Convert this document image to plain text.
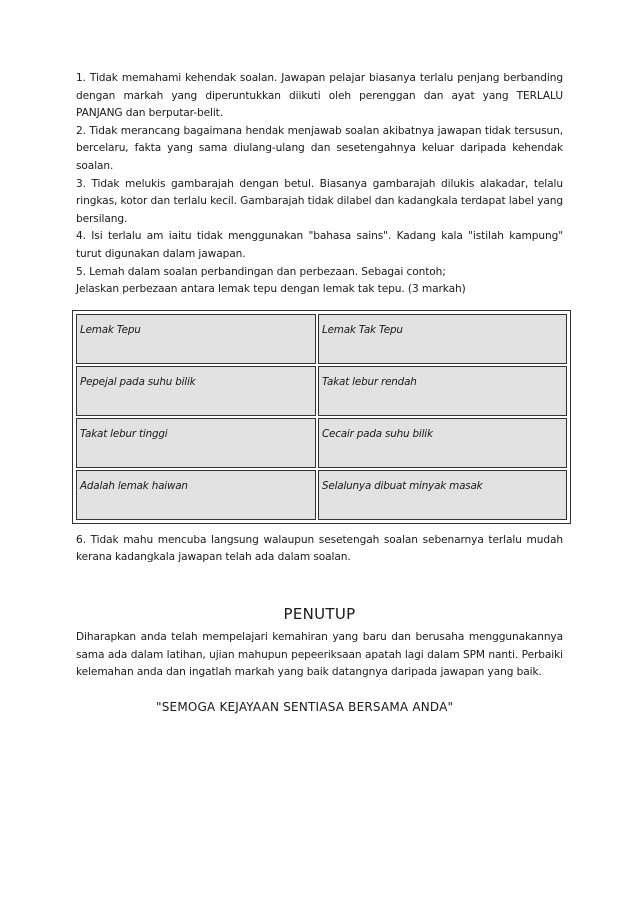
1. Tidak memahami kehendak soalan. Jawapan pelajar biasanya terlalu penjang berbanding dengan markah yang diperuntukkan diikuti oleh perenggan dan ayat yang TERLALU PANJANG dan berputar-belit.

2. Tidak merancang bagaimana hendak menjawab soalan akibatnya jawapan tidak tersusun, bercelaru, fakta yang sama diulang-ulang dan sesetengahnya keluar daripada kehendak soalan.

3. Tidak melukis gambarajah dengan betul. Biasanya gambarajah dilukis alakadar, telalu ringkas, kotor dan terlalu kecil. Gambarajah tidak dilabel dan kadangkala terdapat label yang bersilang.

4. Isi terlalu am iaitu tidak menggunakan "bahasa sains". Kadang kala "istilah kampung" turut digunakan dalam jawapan.

5. Lemah dalam soalan perbandingan dan perbezaan. Sebagai contoh;

Jelaskan perbezaan antara lemak tepu dengan lemak tak tepu. (3 markah)

Lemak Tepu	Lemak Tak Tepu
Pepejal pada suhu bilik	Takat lebur rendah
Takat lebur tinggi	Cecair pada suhu bilik
Adalah lemak haiwan	Selalunya dibuat minyak masak

6. Tidak mahu mencuba langsung walaupun sesetengah soalan sebenarnya terlalu mudah kerana kadangkala jawapan telah ada dalam soalan.

PENUTUP

Diharapkan anda telah mempelajari kemahiran yang baru dan berusaha menggunakannya sama ada dalam latihan, ujian mahupun pepeeriksaan apatah lagi dalam SPM nanti. Perbaiki kelemahan anda dan ingatlah markah yang baik datangnya daripada jawapan yang baik.

"SEMOGA KEJAYAAN SENTIASA BERSAMA ANDA"
